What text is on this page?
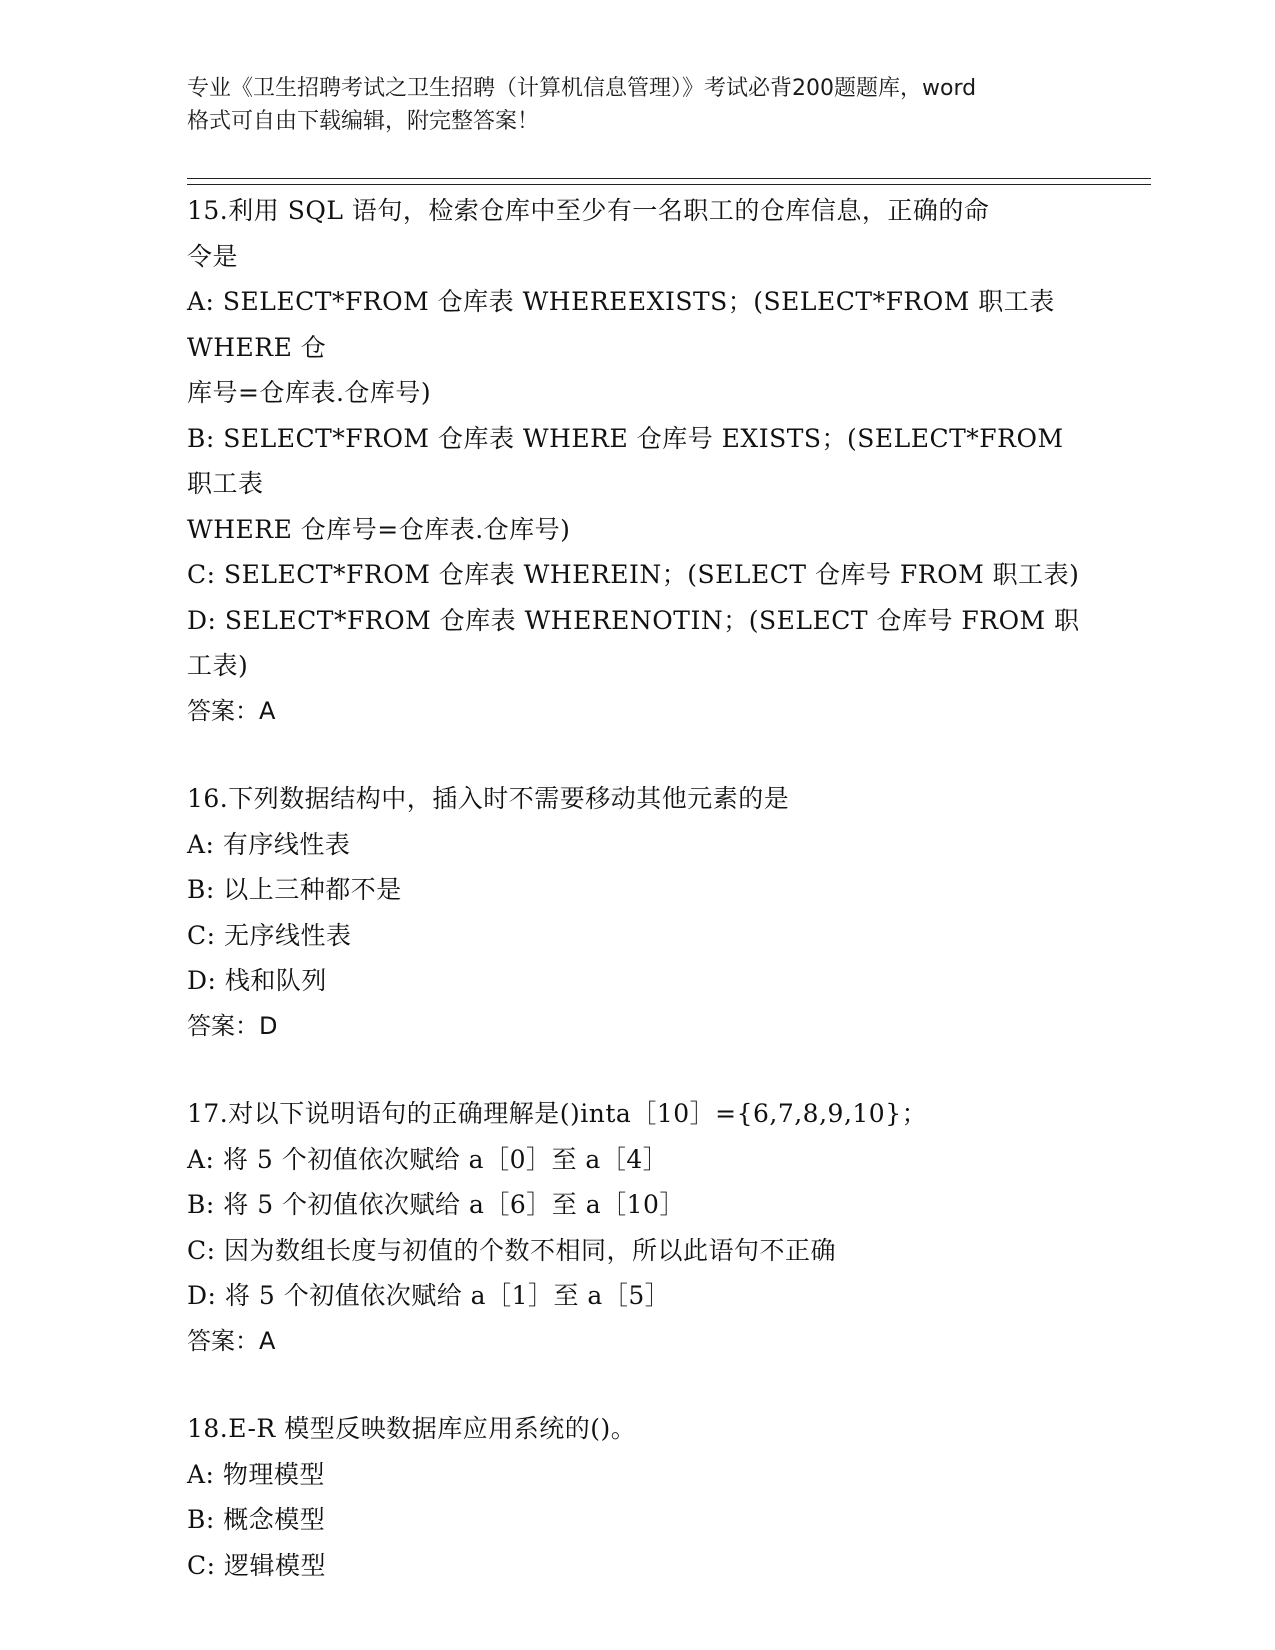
专业《卫生招聘考试之卫生招聘（计算机信息管理）》考试必背200题题库，word
格式可自由下载编辑，附完整答案！
15.利用 SQL 语句，检索仓库中至少有一名职工的仓库信息，正确的命
令是
A: SELECT*FROM 仓库表 WHEREEXISTS；(SELECT*FROM 职工表 WHERE 仓
库号=仓库表.仓库号)
B: SELECT*FROM 仓库表 WHERE 仓库号 EXISTS；(SELECT*FROM 职工表
WHERE 仓库号=仓库表.仓库号)
C: SELECT*FROM 仓库表 WHEREIN；(SELECT 仓库号 FROM 职工表)
D: SELECT*FROM 仓库表 WHERENOTIN；(SELECT 仓库号 FROM 职工表)
答案：A
16.下列数据结构中，插入时不需要移动其他元素的是
A: 有序线性表
B: 以上三种都不是
C: 无序线性表
D: 栈和队列
答案：D
17.对以下说明语句的正确理解是()inta［10］={6,7,8,9,10}；
A: 将 5 个初值依次赋给 a［0］至 a［4］
B: 将 5 个初值依次赋给 a［6］至 a［10］
C: 因为数组长度与初值的个数不相同，所以此语句不正确
D: 将 5 个初值依次赋给 a［1］至 a［5］
答案：A
18.E-R 模型反映数据库应用系统的()。
A: 物理模型
B: 概念模型
C: 逻辑模型
